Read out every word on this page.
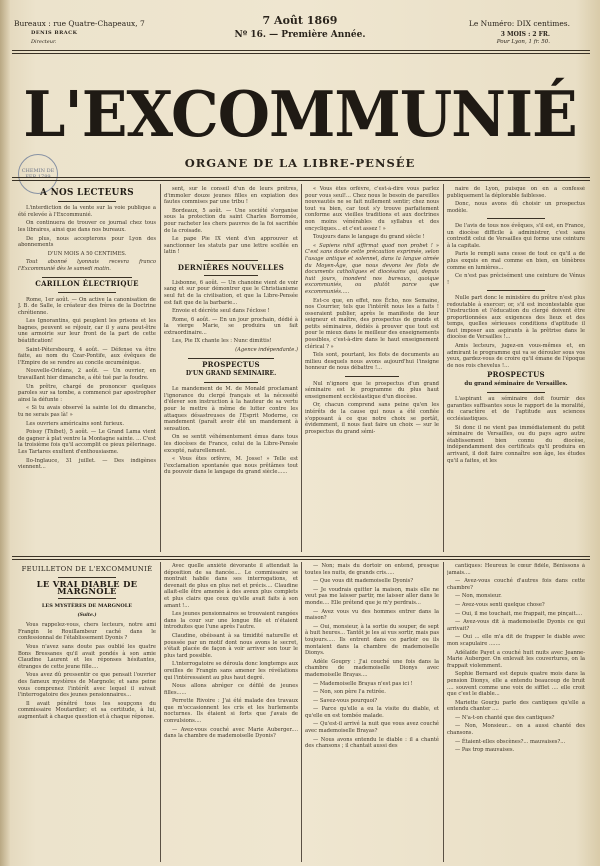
Bureaux : rue Quatre-Chapeaux, 7
DENIS BRACK
Directeur.
7 Août 1869
Nº 16. — Première Année.
Le Numéro: DIX centimes.
3 MOIS : 2 FR.
Pour Lyon, 1 fr. 50.
L'EXCOMMUNIÉ
ORGANE DE LA LIBRE-PENSÉE
CHEMIN DE
A NOS LECTEURS

L'interdiction de la vente sur la voie publique a été relevée à l'Excommunié.

On continuera de trouver ce journal chez tous les libraires, ainsi que dans nos bureaux.

De plus, nous accepterons pour Lyon des abonnements

D'UN MOIS A 50 CENTIMES.

Tout abonné lyonnais recevra franco l'Excommunié dès le samedi matin.

CARILLON ÉLECTRIQUE

Rome, 1er août. — On active la canonisation de J. B. de Salle, le créateur des frères de la Doctrine chrétienne.

Les Ignorantins, qui peuplent les prisons et les bagnes, peuvent se réjouir, car il y aura peut-être une armoirie sur leur front de la part de cette béatification!

Saint-Pétersbourg, 4 août. — Défense va être faite, au nom du Czar-Pontife, aux évêques de l'Empire de se rendre au concile œcuménique.

Nouvelle-Orléans, 2 août. — Un ouvrier, en travaillant hier dimanche, a été tué par la foudre.

Un prêtre, chargé de prononcer quelques paroles sur sa tombe, a commencé par apostropher ainsi la défunte :

« Si tu avais observé la sainte loi du dimanche, tu ne serais pas là! »

Les ouvriers américains sont furieux.

Poissy (Thibet), 5 août. — Le Grand Lama vient de gagner à plat ventre la Montagne sainte. ... C'est la troisième fois qu'il accomplit ce pieux pèlerinage. Les Tartares exultent d'enthousiasme.

Ilo-Inglauce, 31 juillet. — Des indigènes viennent...

sent, sur le conseil d'un de leurs prêtres, d'immoler douze jeunes filles en expiation des fautes commises par une tribu !

Bordeaux, 5 août. — Une société s'organise sous la protection du saint Charles Borromée, pour racheter les chers pauvres de la foi sacrifiée de la croisade.

Le pape Pie IX vient d'en approuver et sanctionner les statuts par une lettre scellée en latin !

DERNIÈRES NOUVELLES

Lisbonne, 6 août. — Un chanoine vient de voir sang et sur pour démontrer que le Christianisme seul fut de la civilisation, et que la Libre-Pensée est fait que de la barbarie...

Envoie et décrète seul dans l'éclose !

Rome, 6 août. — En un jour prochain, dédié à la vierge Marie, se produira un fait extraordinaire...

Les, Pie IX chante les : Nunc dimittis!

(Agence indépendante.)

PROSPECTUS
D'UN GRAND SÉMINAIRE.

Le mandement de M. de Monald proclamant l'ignorance du clergé français et la nécessité d'élever son instruction à la hauteur de sa vertu pour le mettre à même de lutter contre les attaques désastreuses de l'Esprit Moderne, ce mandement (paraît avoir été un mandement à sensation.

On se sentit véhémentement émus dans tous les diocèses de France, celui de la Libre-Pensée excepté, naturellement.

« Vous êtes orfèvre, M. Josse! » Telle est l'exclamation spontanée que nous prêtâmes tout du pouvoir dans le langage du grand siècle......

« Vous êtes orfèvre, c'est-à-dire vous parlez pour vous seul!... Chez nous le besoin de pareilles nouveautés ne se fait nullement sentir; chez nous tout va bien, car tout s'y trouve parfaitement conforme aux vieilles traditions et aux doctrines non moins vénérables du syllabus et des encycliques... et c'est assez ! »

Toujours dans le langage du grand siècle !

« Sapiens nihil affirmat quod non probet ! » C'est sans doute cette précaution exprimée, selon l'usage antique et solennel, dans la langue aimée du Moyen-Âge, que nous devons les flots de documents catholiques et diocésains qui, depuis huit jours, inondent nos bureaux, quoique excommuniés, ou plutôt parce que excommuniés.....

Est-ce que, en effet, nos Écho, nos Semaine, nos Courrier, tels que l'intérêt nous les a faits ! osseraient publier, après le manifeste de leur seigneur et maître, des prospectus de grands et petits séminaires, dédiés à prouver que tout est pour le mieux dans le meilleur des enseignements possibles, c'est-à-dire dans le haut enseignement clérical ? »

Tels sont, pourtant, les flots de documents au milieu desquels nous avons aujourd'hui l'insigne honneur de nous débattre !...

Nul n'ignore que le prospectus d'un grand séminaire est le programme du plus haut enseignement ecclésiastique d'un diocèse.

Or, chacun comprend sans peine qu'en les intérêts de la cause qui nous a été confiée s'opposant à ce que notre choix se portât, évidemment, il nous faut faire un choix — sur le prospectus du grand sémi-

naire de Lyon, puisque on en a confessé publiquement la déplorable faiblesse.

Donc, nous avons dû choisir un prospectus modèle.

De l'avis de tous nos évêques, s'il est, en France, un diocèse difficile à administrer, c'est sans contredit celui de Versailles qui forme une ceinture à la capitale.

Paris le rempli sans cesse de tout ce qu'il a de plus exquis en mal comme en bien, en ténèbres comme en lumières...

Ce n'est pas précisément une ceinture de Vénus !

Nulle part donc le ministère du prêtre n'est plus redoutable à exercer; or, s'il est incontestable que l'instruction et l'éducation du clergé doivent être proportionnées aux exigences des lieux et des temps, quelles sérieuses conditions d'aptitude il faut imposer aux aspirants à la prêtrise dans le diocèse de Versailles !...

Amis lecteurs, jugez-en vous-mêmes et, en admirant le programme qui va se dérouler sous vos yeux, gardez-vous de croire qu'il émane de l'époque de nos rois chevelus !...

PROSPECTUS
du grand séminaire de Versailles.

L'aspirant au séminaire doit fournir des garanties suffisantes sous le rapport de la moralité, du caractère et de l'aptitude aux sciences ecclésiastiques.

Si donc il ne vient pas immédiatement du petit séminaire de Versailles, ou du pays agro autre établissement bien connu du diocèse, indépendamment des certificats qu'il produira en arrivant, il doit faire connaître son âge, les études qu'il a faites, et les

FEUILLETON DE L'EXCOMMUNIÉ
LE VRAI DIABLE DE MARGNOLE
LES MYSTÈRES DE MARGNOLE
(Suite.)

Vous rappelez-vous, chers lecteurs, notre ami Frangin le Rouillambeur caché dans le confessionnal de l'établissement Dyonis ?

Vous n'avez sans doute pas oublié les quatre Bons Bressanes qu'il avait pondés à son amie Claudine Laurent et les réponses hésitantes, étranges de cette jeune fille....

Vous avez dû pressentir ce que pensait l'ouvrier des fameux mystères de Margnole; et sans peine vous comprenez l'intérêt avec lequel il suivait l'interrogatoire des jeunes pensionnaires...

Il avait pénétré tous les soupçons du commissaire Moutardier; et sa certitude, à lui, augmentait à chaque question et à chaque réponse.

Avec quelle anxiété dévorante il attendait la déposition de sa fiancée.... Le commissaire se montrait habile dans ses interrogations, et devenait de plus en plus net et précis.... Claudine allait-elle être amenée à des aveux plus complets et plus clairs que ceux qu'elle avait faits à son amant !...

Les jeunes pensionnaires se trouvaient rangées dans la cour sur une longue file et n'étaient introduites que l'une après l'autre.

Claudine, obéissant à sa timidité naturelle et poussée par un motif dont nous avons le secret, s'était placée de façon à voir arriver son tour le plus tard possible.

L'interrogatoire se déroula donc longtemps aux oreilles de Frangin sans amener les révélations qui l'intéressaient au plus haut degré.

Nous allons abréger ce défilé de jeunes filles......

Perrette Rivoire : J'ai été malade des travaux que m'occasionnent les cris et les hurlements nocturnes. Ils étaient si forts que j'avais de convulsions....

— Avez-vous couché avec Marie Auberger.... dans la chambre de mademoiselle Dyonis?

— Non; mais du dortoir on entend, presque toutes les nuits, de grands cris.....

— Que vous dit mademoiselle Dyonis?

— Je voudrais quitter la maison, mais elle ne veut pas me laisser partir, me laisser aller dans le monde.... Elle prétend que je m'y perdrais...

— Avez vous vu des hommes entrer dans la maison?

— Oui, monsieur, à la sortie du souper, de sept à huit heures... Tantôt je les ai vus sortir, mais pas toujours..... Ils entrent dans ce parloir ou ils montaient dans la chambre de mademoiselle Dionys.

Adèle Goupry : J'ai couché une fois dans la chambre de mademoiselle Dionys avec mademoiselle Brayas....

— Mademoiselle Brayas n'est pas ici !

— Non, son père l'a retirée.

— Savez-vous pourquoi?

— Parce qu'elle a eu la visite du diable, et qu'elle en est tombée malade.

— Qu'est-il arrivé la nuit que vous avez couché avec mademoiselle Brayas?

— Nous avons entendu le diable : il a chanté des chansons ; il chantait aussi des

cantiques: Heureux le cœur fidèle, Bénissons à jamais....

— Avez-vous couché d'autres fois dans cette chambre?

— Non, monsieur.

— Avez-vous senti quelque chose?

— Oui, il me touchait, me frappait, me pinçait....

— Avez-vous dit à mademoiselle Dyonis ce qui arrivait?

— Oui ... elle m'a dit de frapper le diable avec mon scapulaire .......

Adélaïde Payet a couché huit nuits avec Jeanne-Marie Auberger. On enlevait les couvertures, on la frappait violemment.

Sophie Bernard est depuis quatre mois dans la pension Dionys, elle a entendu beaucoup de bruit .... souvent comme une voix de sifflet .... elle croit que c'est le diable...

Mariette Gourju parle des cantiques qu'elle a entendu chanter ....

— N'a-t-on chanté que des cantiques?

— Non, Monsieur... on a aussi chanté des chansons.

— Étaient-elles obscènes?... mauvaises?...

— Pas trop mauvaises.
